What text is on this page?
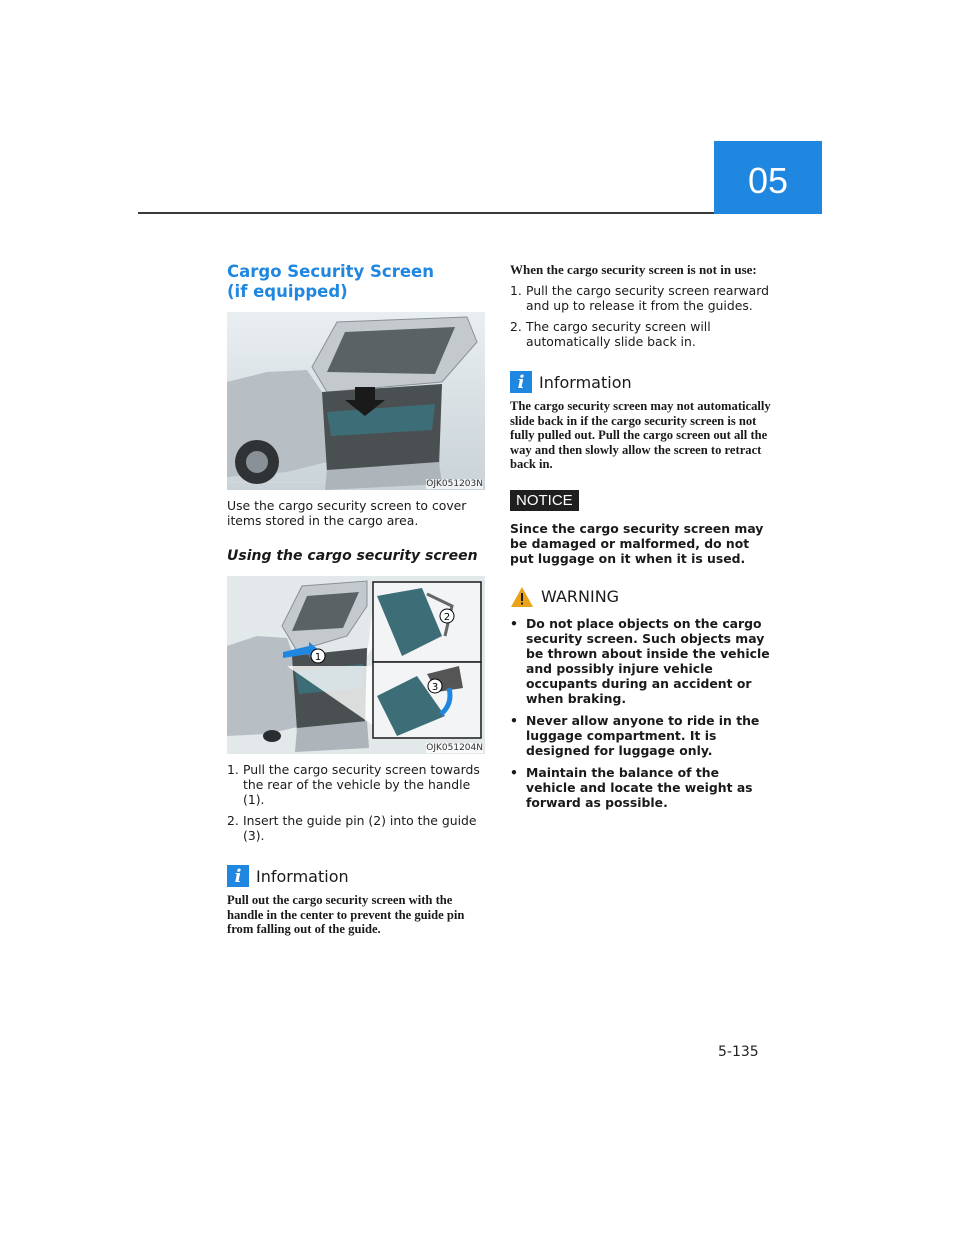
05
Cargo Security Screen
(if equipped)
OJK051203N

Use the cargo security screen to cover items stored in the cargo area.

Using the cargo security screen
1
2
3
OJK051204N
1. Pull the cargo security screen towards the rear of the vehicle by the handle (1).
2. Insert the guide pin (2) into the guide (3).
i Information

Pull out the cargo security screen with the handle in the center to prevent the guide pin from falling out of the guide.

When the cargo security screen is not in use:

1. Pull the cargo security screen rearward and up to release it from the guides.
2. The cargo security screen will automatically slide back in.
i Information

The cargo security screen may not automatically slide back in if the cargo security screen is not fully pulled out. Pull the cargo screen out all the way and then slowly allow the screen to retract back in.

NOTICE

Since the cargo security screen may be damaged or malformed, do not put luggage on it when it is used.

WARNING
• Do not place objects on the cargo security screen. Such objects may be thrown about inside the vehicle and possibly injure vehicle occupants during an accident or when braking.
• Never allow anyone to ride in the luggage compartment. It is designed for luggage only.
• Maintain the balance of the vehicle and locate the weight as forward as possible.
5-135
